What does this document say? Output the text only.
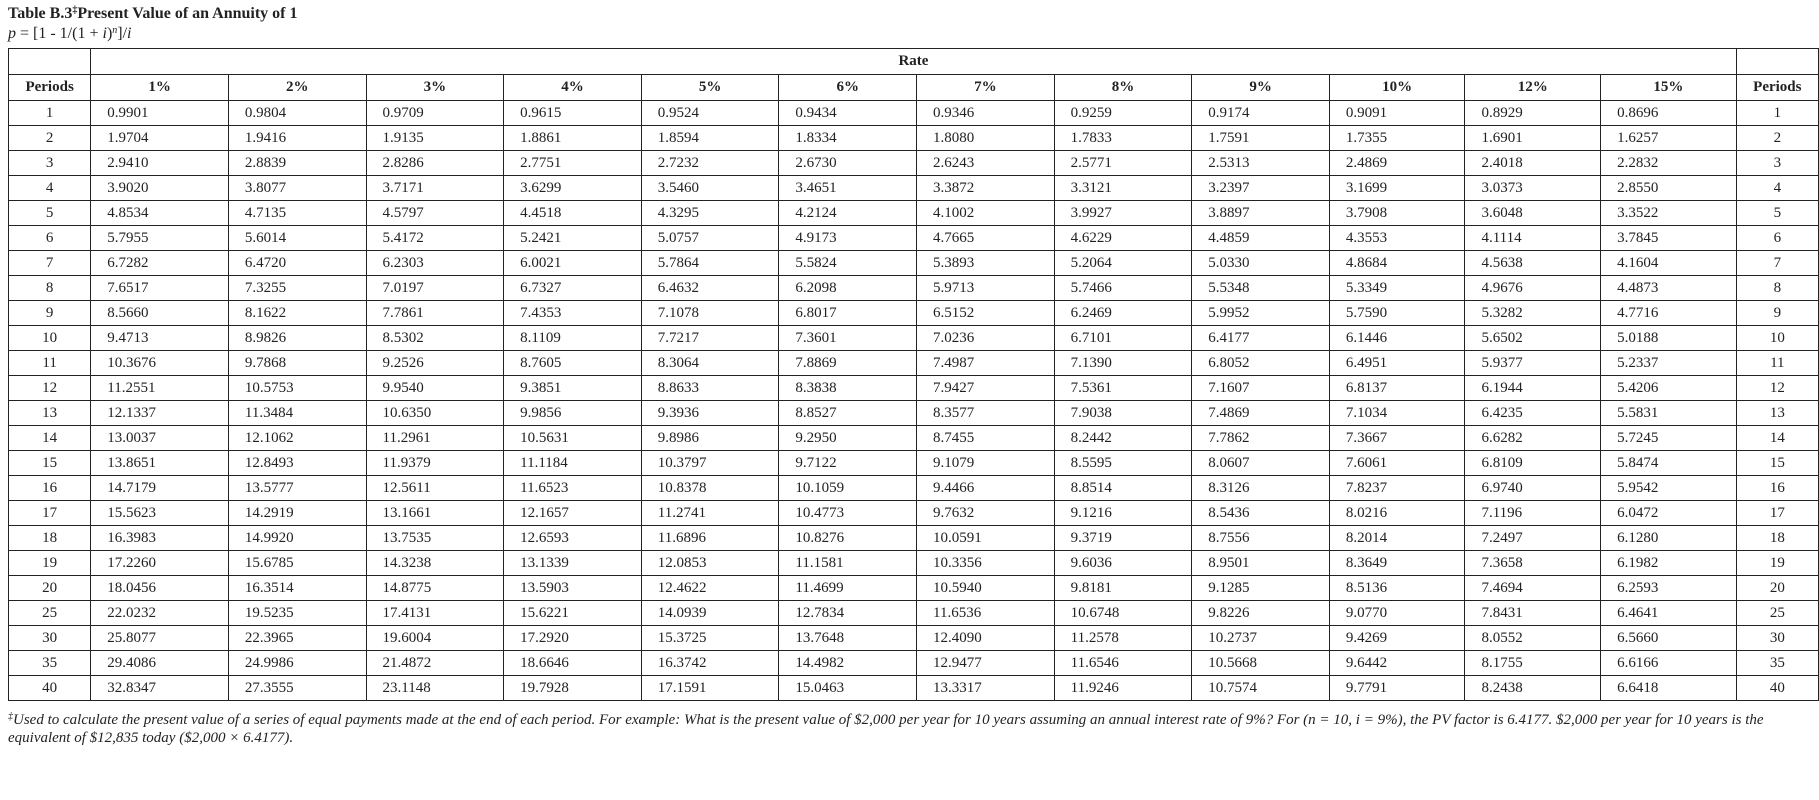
Table B.3‡Present Value of an Annuity of 1
$p = [1 - 1/(1 + i)^n]/i$
	Rate												
Periods	1%	2%	3%	4%	5%	6%	7%	8%	9%	10%	12%	15%	Periods
1	0.9901	0.9804	0.9709	0.9615	0.9524	0.9434	0.9346	0.9259	0.9174	0.9091	0.8929	0.8696	1
2	1.9704	1.9416	1.9135	1.8861	1.8594	1.8334	1.8080	1.7833	1.7591	1.7355	1.6901	1.6257	2
3	2.9410	2.8839	2.8286	2.7751	2.7232	2.6730	2.6243	2.5771	2.5313	2.4869	2.4018	2.2832	3
4	3.9020	3.8077	3.7171	3.6299	3.5460	3.4651	3.3872	3.3121	3.2397	3.1699	3.0373	2.8550	4
5	4.8534	4.7135	4.5797	4.4518	4.3295	4.2124	4.1002	3.9927	3.8897	3.7908	3.6048	3.3522	5
6	5.7955	5.6014	5.4172	5.2421	5.0757	4.9173	4.7665	4.6229	4.4859	4.3553	4.1114	3.7845	6
7	6.7282	6.4720	6.2303	6.0021	5.7864	5.5824	5.3893	5.2064	5.0330	4.8684	4.5638	4.1604	7
8	7.6517	7.3255	7.0197	6.7327	6.4632	6.2098	5.9713	5.7466	5.5348	5.3349	4.9676	4.4873	8
9	8.5660	8.1622	7.7861	7.4353	7.1078	6.8017	6.5152	6.2469	5.9952	5.7590	5.3282	4.7716	9
10	9.4713	8.9826	8.5302	8.1109	7.7217	7.3601	7.0236	6.7101	6.4177	6.1446	5.6502	5.0188	10
11	10.3676	9.7868	9.2526	8.7605	8.3064	7.8869	7.4987	7.1390	6.8052	6.4951	5.9377	5.2337	11
12	11.2551	10.5753	9.9540	9.3851	8.8633	8.3838	7.9427	7.5361	7.1607	6.8137	6.1944	5.4206	12
13	12.1337	11.3484	10.6350	9.9856	9.3936	8.8527	8.3577	7.9038	7.4869	7.1034	6.4235	5.5831	13
14	13.0037	12.1062	11.2961	10.5631	9.8986	9.2950	8.7455	8.2442	7.7862	7.3667	6.6282	5.7245	14
15	13.8651	12.8493	11.9379	11.1184	10.3797	9.7122	9.1079	8.5595	8.0607	7.6061	6.8109	5.8474	15
16	14.7179	13.5777	12.5611	11.6523	10.8378	10.1059	9.4466	8.8514	8.3126	7.8237	6.9740	5.9542	16
17	15.5623	14.2919	13.1661	12.1657	11.2741	10.4773	9.7632	9.1216	8.5436	8.0216	7.1196	6.0472	17
18	16.3983	14.9920	13.7535	12.6593	11.6896	10.8276	10.0591	9.3719	8.7556	8.2014	7.2497	6.1280	18
19	17.2260	15.6785	14.3238	13.1339	12.0853	11.1581	10.3356	9.6036	8.9501	8.3649	7.3658	6.1982	19
20	18.0456	16.3514	14.8775	13.5903	12.4622	11.4699	10.5940	9.8181	9.1285	8.5136	7.4694	6.2593	20
25	22.0232	19.5235	17.4131	15.6221	14.0939	12.7834	11.6536	10.6748	9.8226	9.0770	7.8431	6.4641	25
30	25.8077	22.3965	19.6004	17.2920	15.3725	13.7648	12.4090	11.2578	10.2737	9.4269	8.0552	6.5660	30
35	29.4086	24.9986	21.4872	18.6646	16.3742	14.4982	12.9477	11.6546	10.5668	9.6442	8.1755	6.6166	35
40	32.8347	27.3555	23.1148	19.7928	17.1591	15.0463	13.3317	11.9246	10.7574	9.7791	8.2438	6.6418	40
‡Used to calculate the present value of a series of equal payments made at the end of each period. For example: What is the present value of $2,000 per year for 10 years assuming an annual interest rate of 9%? For (n = 10, i = 9%), the PV factor is 6.4177. $2,000 per year for 10 years is the equivalent of $12,835 today ($2,000 × 6.4177).
